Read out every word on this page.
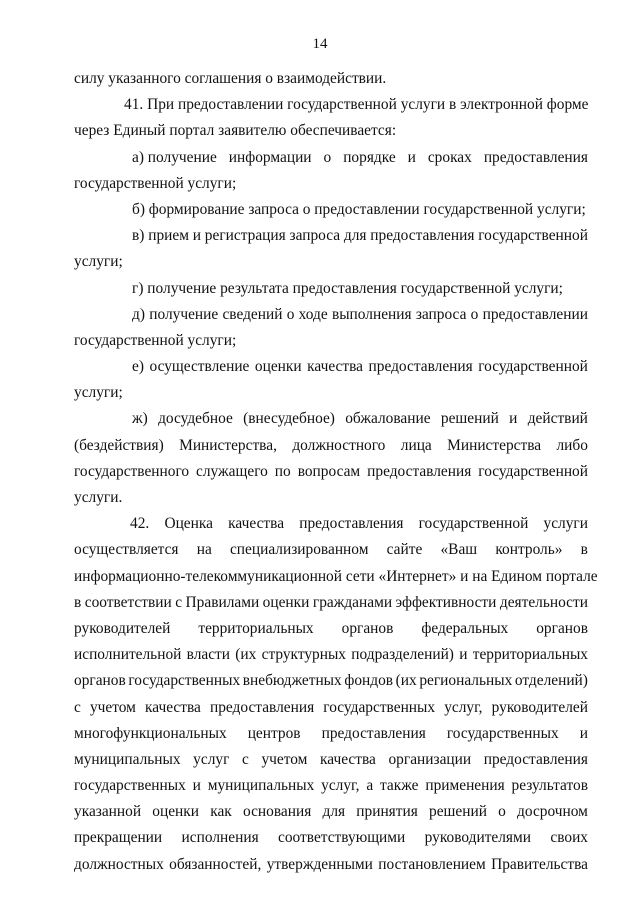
14
силу указанного соглашения о взаимодействии.
41. При предоставлении государственной услуги в электронной форме
через Единый портал заявителю обеспечивается:
а) получение информации о порядке и сроках предоставления
государственной услуги;
б) формирование запроса о предоставлении государственной услуги;
в) прием и регистрация запроса для предоставления государственной
услуги;
г) получение результата предоставления государственной услуги;
д) получение сведений о ходе выполнения запроса о предоставлении
государственной услуги;
е) осуществление оценки качества предоставления государственной
услуги;
ж) досудебное (внесудебное) обжалование решений и действий
(бездействия) Министерства, должностного лица Министерства либо
государственного служащего по вопросам предоставления государственной
услуги.
42. Оценка качества предоставления государственной услуги
осуществляется на специализированном сайте «Ваш контроль» в
информационно-телекоммуникационной сети «Интернет» и на Едином портале
в соответствии с Правилами оценки гражданами эффективности деятельности
руководителей территориальных органов федеральных органов
исполнительной власти (их структурных подразделений) и территориальных
органов государственных внебюджетных фондов (их региональных отделений)
с учетом качества предоставления государственных услуг, руководителей
многофункциональных центров предоставления государственных и
муниципальных услуг с учетом качества организации предоставления
государственных и муниципальных услуг, а также применения результатов
указанной оценки как основания для принятия решений о досрочном
прекращении исполнения соответствующими руководителями своих
должностных обязанностей, утвержденными постановлением Правительства
